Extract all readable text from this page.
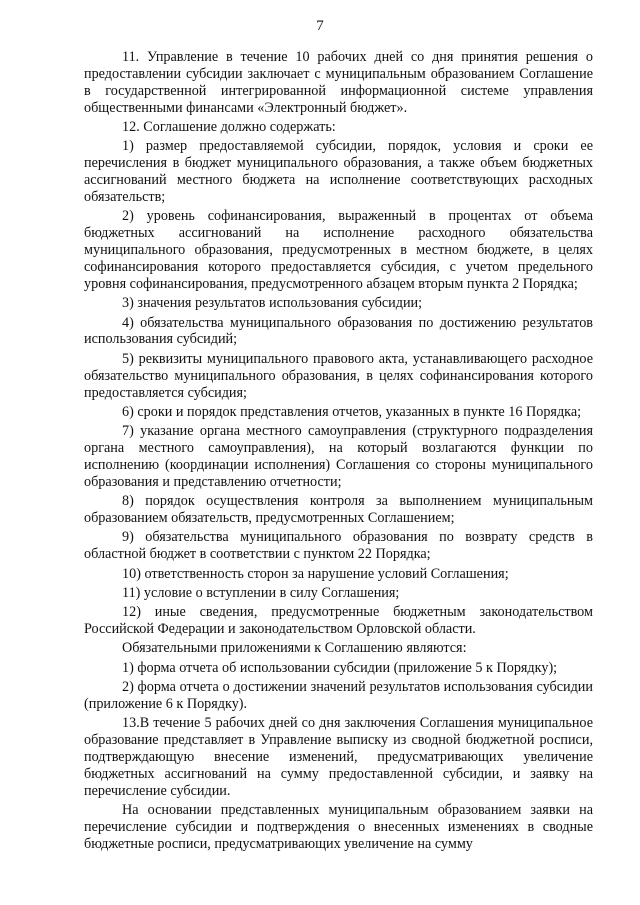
7

11. Управление в течение 10 рабочих дней со дня принятия решения о предоставлении субсидии заключает с муниципальным образованием Соглашение в государственной интегрированной информационной системе управления общественными финансами «Электронный бюджет».

12. Соглашение должно содержать:

1) размер предоставляемой субсидии, порядок, условия и сроки ее перечисления в бюджет муниципального образования, а также объем бюджетных ассигнований местного бюджета на исполнение соответствующих расходных обязательств;

2) уровень софинансирования, выраженный в процентах от объема бюджетных ассигнований на исполнение расходного обязательства муниципального образования, предусмотренных в местном бюджете, в целях софинансирования которого предоставляется субсидия, с учетом предельного уровня софинансирования, предусмотренного абзацем вторым пункта 2 Порядка;

3) значения результатов использования субсидии;

4) обязательства муниципального образования по достижению результатов использования субсидий;

5) реквизиты муниципального правового акта, устанавливающего расходное обязательство муниципального образования, в целях софинансирования которого предоставляется субсидия;

6) сроки и порядок представления отчетов, указанных в пункте 16 Порядка;

7) указание органа местного самоуправления (структурного подразделения органа местного самоуправления), на который возлагаются функции по исполнению (координации исполнения) Соглашения со стороны муниципального образования и представлению отчетности;

8) порядок осуществления контроля за выполнением муниципальным образованием обязательств, предусмотренных Соглашением;

9) обязательства муниципального образования по возврату средств в областной бюджет в соответствии с пунктом 22 Порядка;

10) ответственность сторон за нарушение условий Соглашения;

11) условие о вступлении в силу Соглашения;

12) иные сведения, предусмотренные бюджетным законодательством Российской Федерации и законодательством Орловской области.

Обязательными приложениями к Соглашению являются:

1) форма отчета об использовании субсидии (приложение 5 к Порядку);

2) форма отчета о достижении значений результатов использования субсидии (приложение 6 к Порядку).

13.В течение 5 рабочих дней со дня заключения Соглашения муниципальное образование представляет в Управление выписку из сводной бюджетной росписи, подтверждающую внесение изменений, предусматривающих увеличение бюджетных ассигнований на сумму предоставленной субсидии, и заявку на перечисление субсидии.

На основании представленных муниципальным образованием заявки на перечисление субсидии и подтверждения о внесенных изменениях в сводные бюджетные росписи, предусматривающих увеличение на сумму
